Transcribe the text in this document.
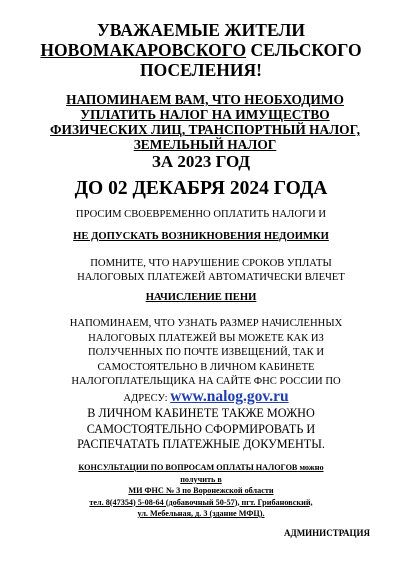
УВАЖАЕМЫЕ ЖИТЕЛИ
НОВОМАКАРОВСКОГО СЕЛЬСКОГО
ПОСЕЛЕНИЯ!
НАПОМИНАЕМ ВАМ, ЧТО НЕОБХОДИМО
УПЛАТИТЬ НАЛОГ НА ИМУЩЕСТВО
ФИЗИЧЕСКИХ ЛИЦ, ТРАНСПОРТНЫЙ НАЛОГ,
ЗЕМЕЛЬНЫЙ НАЛОГ
ЗА 2023 ГОД
ДО 02 ДЕКАБРЯ 2024 ГОДА
ПРОСИМ СВОЕВРЕМЕННО ОПЛАТИТЬ НАЛОГИ И
НЕ ДОПУСКАТЬ ВОЗНИКНОВЕНИЯ НЕДОИМКИ
ПОМНИТЕ, ЧТО НАРУШЕНИЕ СРОКОВ УПЛАТЫ
НАЛОГОВЫХ ПЛАТЕЖЕЙ АВТОМАТИЧЕСКИ ВЛЕЧЕТ
НАЧИСЛЕНИЕ ПЕНИ
НАПОМИНАЕМ, ЧТО УЗНАТЬ РАЗМЕР НАЧИСЛЕННЫХ
НАЛОГОВЫХ ПЛАТЕЖЕЙ ВЫ МОЖЕТЕ КАК ИЗ
ПОЛУЧЕННЫХ ПО ПОЧТЕ ИЗВЕЩЕНИЙ, ТАК И
САМОСТОЯТЕЛЬНО В ЛИЧНОМ КАБИНЕТЕ
НАЛОГОПЛАТЕЛЬЩИКА НА САЙТЕ ФНС РОССИИ ПО
АДРЕСУ: www.nalog.gov.ru
В ЛИЧНОМ КАБИНЕТЕ ТАКЖЕ МОЖНО
САМОСТОЯТЕЛЬНО СФОРМИРОВАТЬ И
РАСПЕЧАТАТЬ ПЛАТЕЖНЫЕ ДОКУМЕНТЫ.
КОНСУЛЬТАЦИИ ПО ВОПРОСАМ ОПЛАТЫ НАЛОГОВ можно получить в
МИ ФНС № 3 по Воронежской области
тел. 8(47354) 5-08-64 (добавочный 50-57), пгт. Грибановский,
ул. Мебельная, д. 3 (здание МФЦ).
АДМИНИСТРАЦИЯ
